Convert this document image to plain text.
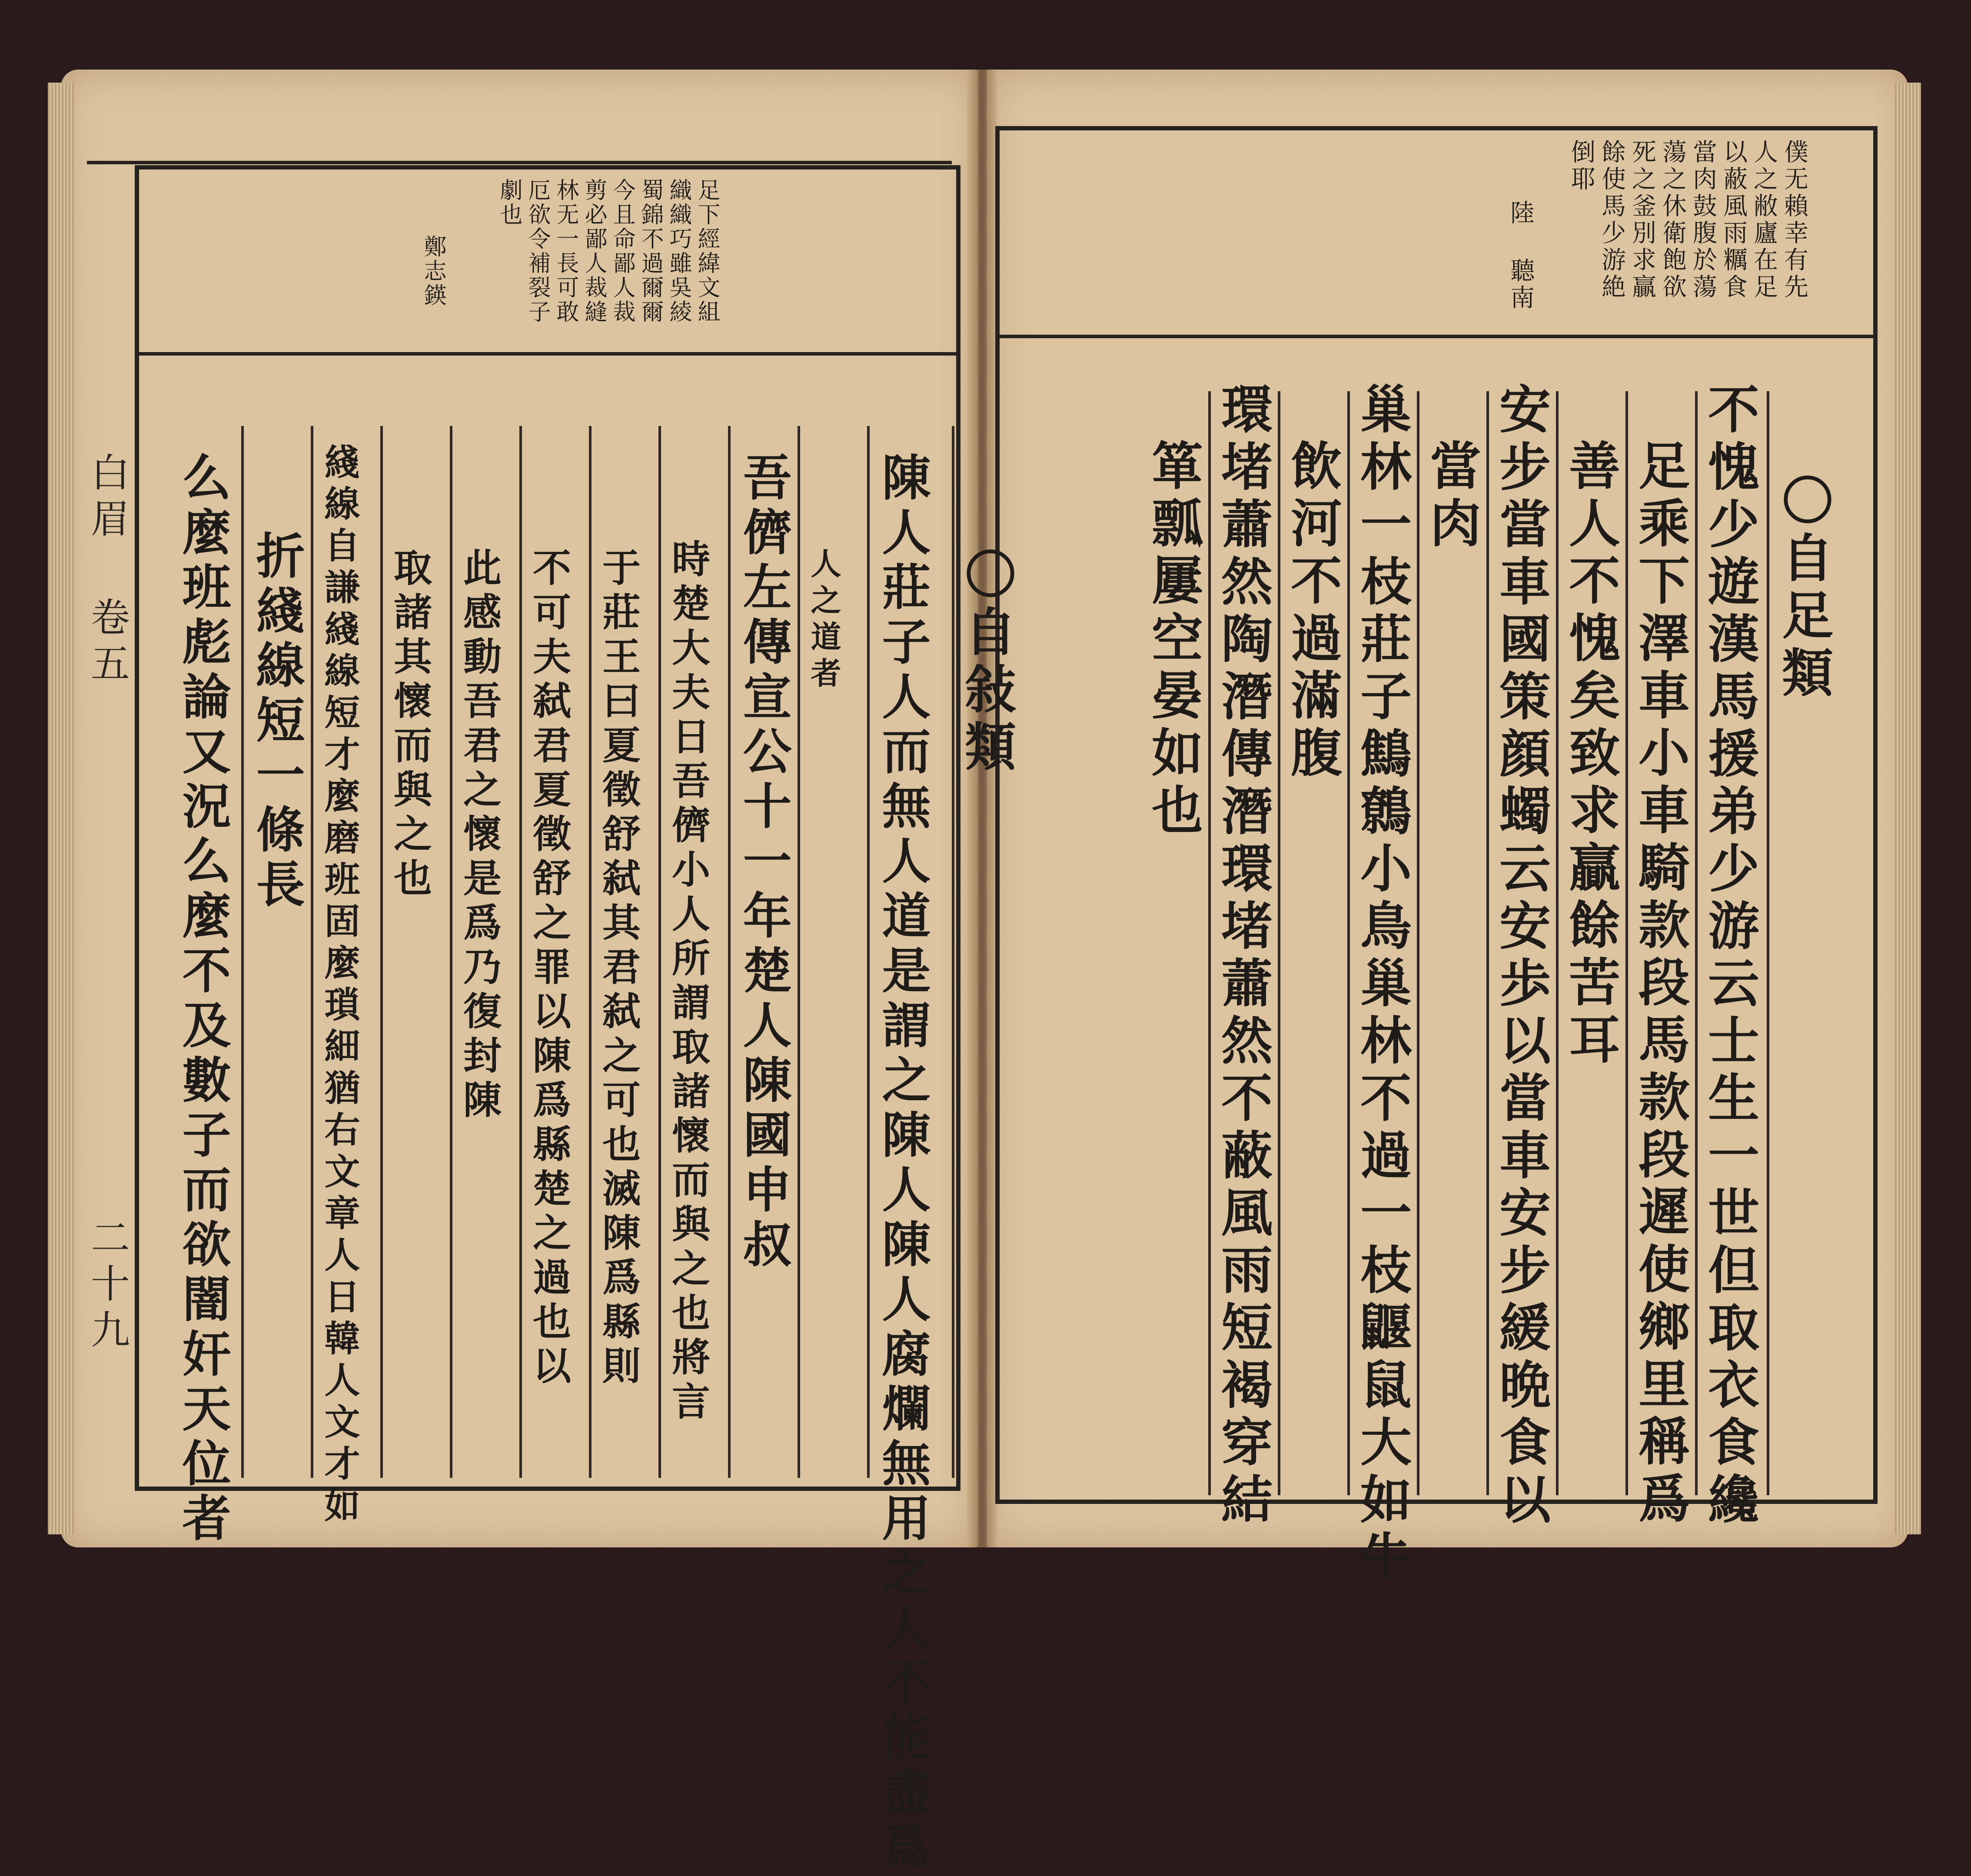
僕无賴幸有先
人之敝廬在足
以蔽風雨糲食
當肉鼓腹於蕩
蕩之休衛飽欲
死之釜別求贏
餘使馬少游絶
倒耶
陸 聽南
〇自足類
不愧少遊漢馬援弟少游云士生一世但取衣食纔
足乘下澤車小車騎款段馬款段遲使鄉里稱爲
善人不愧矣致求贏餘苦耳
安步當車國策顔蠋云安歩以當車安步緩晩食以
當肉
巢林一枝莊子鷦鷯小鳥巢林不過一枝鼴鼠大如牛
飲河不過滿腹
環堵蕭然陶潛傳潛環堵蕭然不蔽風雨短褐穿結
箪瓢屢空晏如也
足下經緯文組
織織巧雖吳綾
蜀錦不過爾爾
今且命鄙人裁
剪必鄙人裁縫
林无一長可敢
厄欲令補裂子
劇也
鄭志鍈
〇自敍類
陳人莊子人而無人道是謂之陳人陳人腐爛無用之人不能盡爲
人之道者
吾儕左傳宣公十一年楚人陳國申叔
時楚大夫日吾儕小人所謂取諸懷而與之也將言
于莊王曰夏徵舒弑其君弑之可也滅陳爲縣則
不可夫弑君夏徵舒之罪以陳爲縣楚之過也以
此感動吾君之懷是爲乃復封陳
取諸其懷而與之也
綫線自謙綫線短才麼磨班固麼瑣細猶右文章人日韓人文才如
折綫線短一條長
么麼班彪論又況么麼不及數子而欲闇奸天位者
白眉 卷五
二十九
